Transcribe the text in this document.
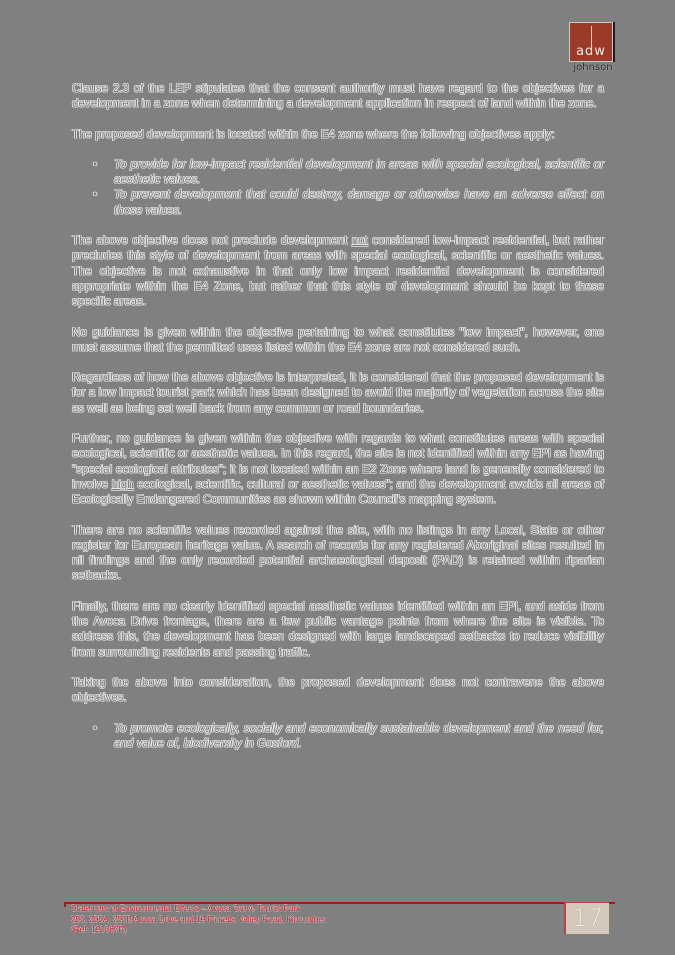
adw
johnson

Clause 2.3 of the LEP stipulates that the consent authority must have regard to the objectives for a development in a zone when determining a development application in respect of land within the zone.

The proposed development is located within the E4 zone where the following objectives apply:

• To provide for low-impact residential development in areas with special ecological, scientific or aesthetic values.
• To prevent development that could destroy, damage or otherwise have an adverse effect on those values.

The above objective does not preclude development not considered low-impact residential, but rather precludes this style of development from areas with special ecological, scientific or aesthetic values. The objective is not exhaustive in that only low impact residential development is considered appropriate within the E4 Zone, but rather that this style of development should be kept to these specific areas.

No guidance is given within the objective pertaining to what constitutes "low impact", however, one must assume that the permitted uses listed within the E4 zone are not considered such.

Regardless of how the above objective is interpreted, it is considered that the proposed development is for a low impact tourist park which has been designed to avoid the majority of vegetation across the site as well as being set well back from any common or road boundaries.

Further, no guidance is given within the objective with regards to what constitutes areas with special ecological, scientific or aesthetic values. In this regard, the site is not identified within any EPI as having "special ecological attributes"; it is not located within an E2 Zone where land is generally considered to involve high ecological, scientific, cultural or aesthetic values"; and the development avoids all areas of Ecologically Endangered Communities as shown within Council's mapping system.

There are no scientific values recorded against the site, with no listings in any Local, State or other register for European heritage value. A search of records for any registered Aboriginal sites resulted in nil findings and the only recorded potential archaeological deposit (PAD) is retained within riparian setbacks.

Finally, there are no clearly identified special aesthetic values identified within an EPI, and aside from the Avoca Drive frontage, there are a few public vantage points from where the site is visible. To address this, the development has been designed with large landscaped setbacks to reduce visibility from surrounding residents and passing traffic.

Taking the above into consideration, the proposed development does not contravene the above objectives.

• To promote ecologically, socially and economically sustainable development and the need for, and value of, biodiversity in Gosford.
Statement of Environmental Effects – Avoca Grove Tourist Park
255, 255A, 255B Avoca Drive and 19 Picketts Valley Road, Kincumber
(Ref: 190867P)	17
